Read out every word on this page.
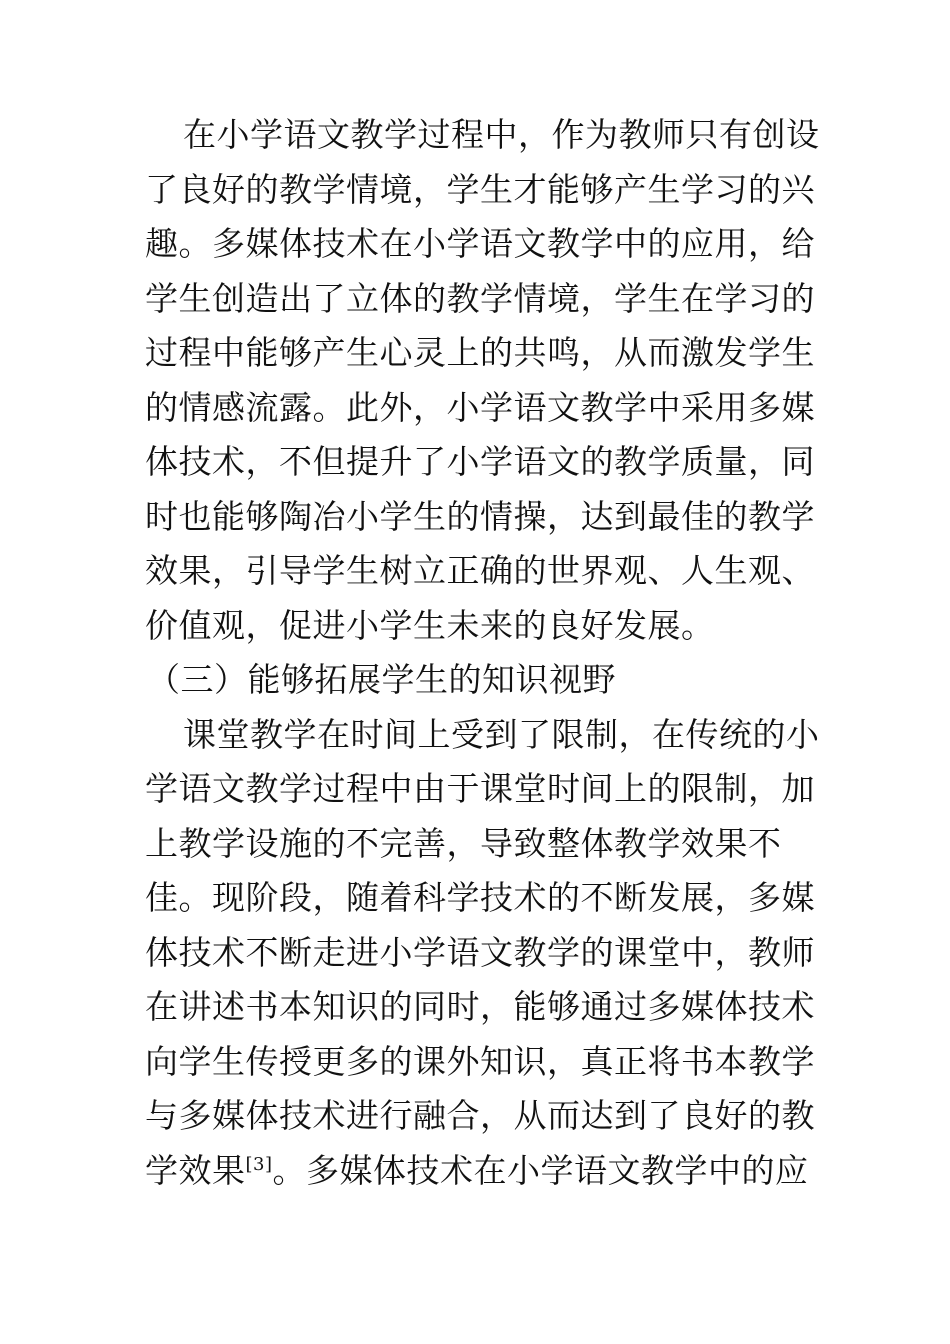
在小学语文教学过程中，作为教师只有创设
了良好的教学情境，学生才能够产生学习的兴
趣。多媒体技术在小学语文教学中的应用，给
学生创造出了立体的教学情境，学生在学习的
过程中能够产生心灵上的共鸣，从而激发学生
的情感流露。此外，小学语文教学中采用多媒
体技术，不但提升了小学语文的教学质量，同
时也能够陶冶小学生的情操，达到最佳的教学
效果，引导学生树立正确的世界观、人生观、
价值观，促进小学生未来的良好发展。
（三）能够拓展学生的知识视野
课堂教学在时间上受到了限制，在传统的小
学语文教学过程中由于课堂时间上的限制，加
上教学设施的不完善，导致整体教学效果不
佳。现阶段，随着科学技术的不断发展，多媒
体技术不断走进小学语文教学的课堂中，教师
在讲述书本知识的同时，能够通过多媒体技术
向学生传授更多的课外知识，真正将书本教学
与多媒体技术进行融合，从而达到了良好的教
学效果[3]。多媒体技术在小学语文教学中的应
